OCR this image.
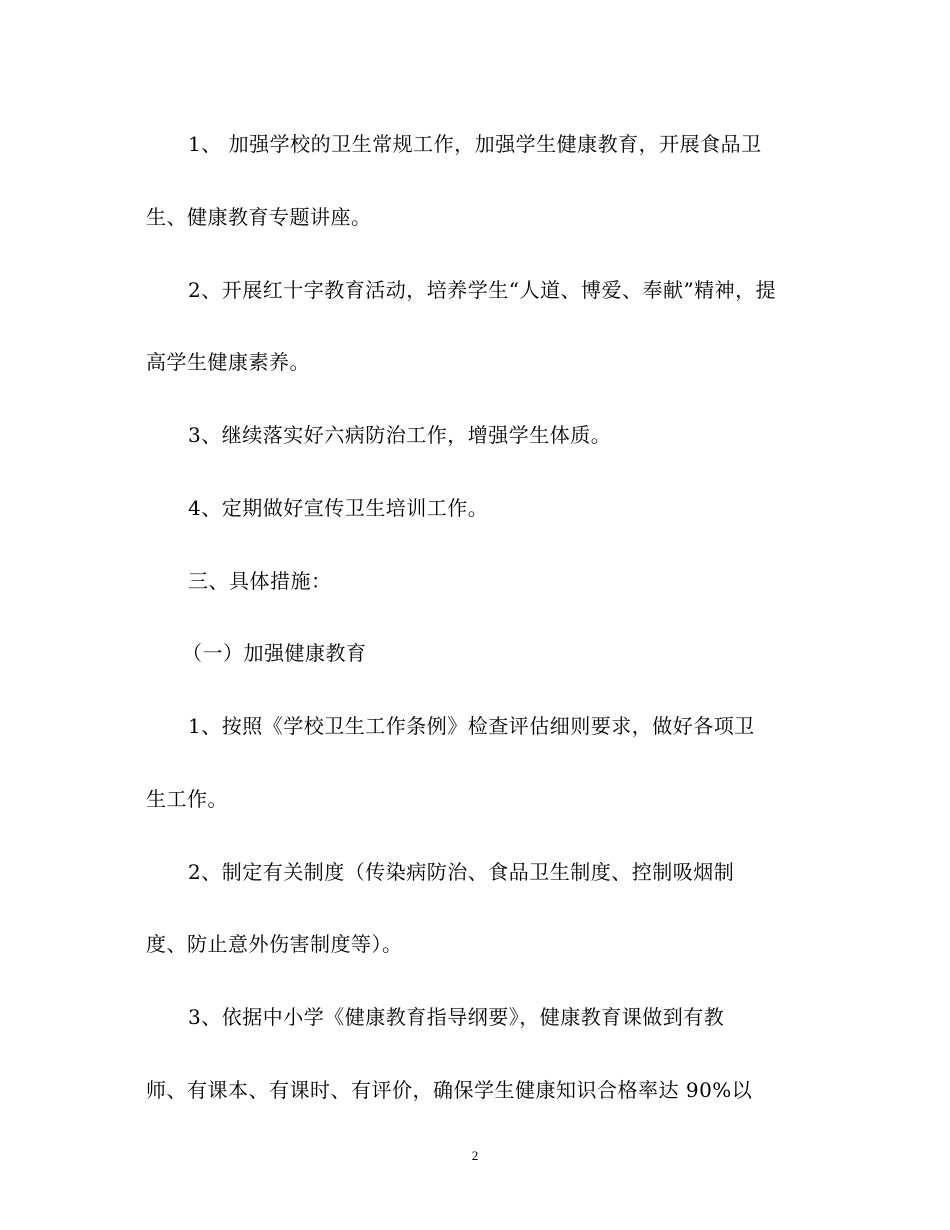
1、 加强学校的卫生常规工作，加强学生健康教育，开展食品卫
生、健康教育专题讲座。
2、开展红十字教育活动，培养学生“人道、博爱、奉献”精神，提
高学生健康素养。
3、继续落实好六病防治工作，增强学生体质。
4、定期做好宣传卫生培训工作。
三、具体措施：
（一）加强健康教育
1、按照《学校卫生工作条例》检查评估细则要求，做好各项卫
生工作。
2、制定有关制度（传染病防治、食品卫生制度、控制吸烟制
度、防止意外伤害制度等）。
3、依据中小学《健康教育指导纲要》，健康教育课做到有教
师、有课本、有课时、有评价，确保学生健康知识合格率达 90%以
2
